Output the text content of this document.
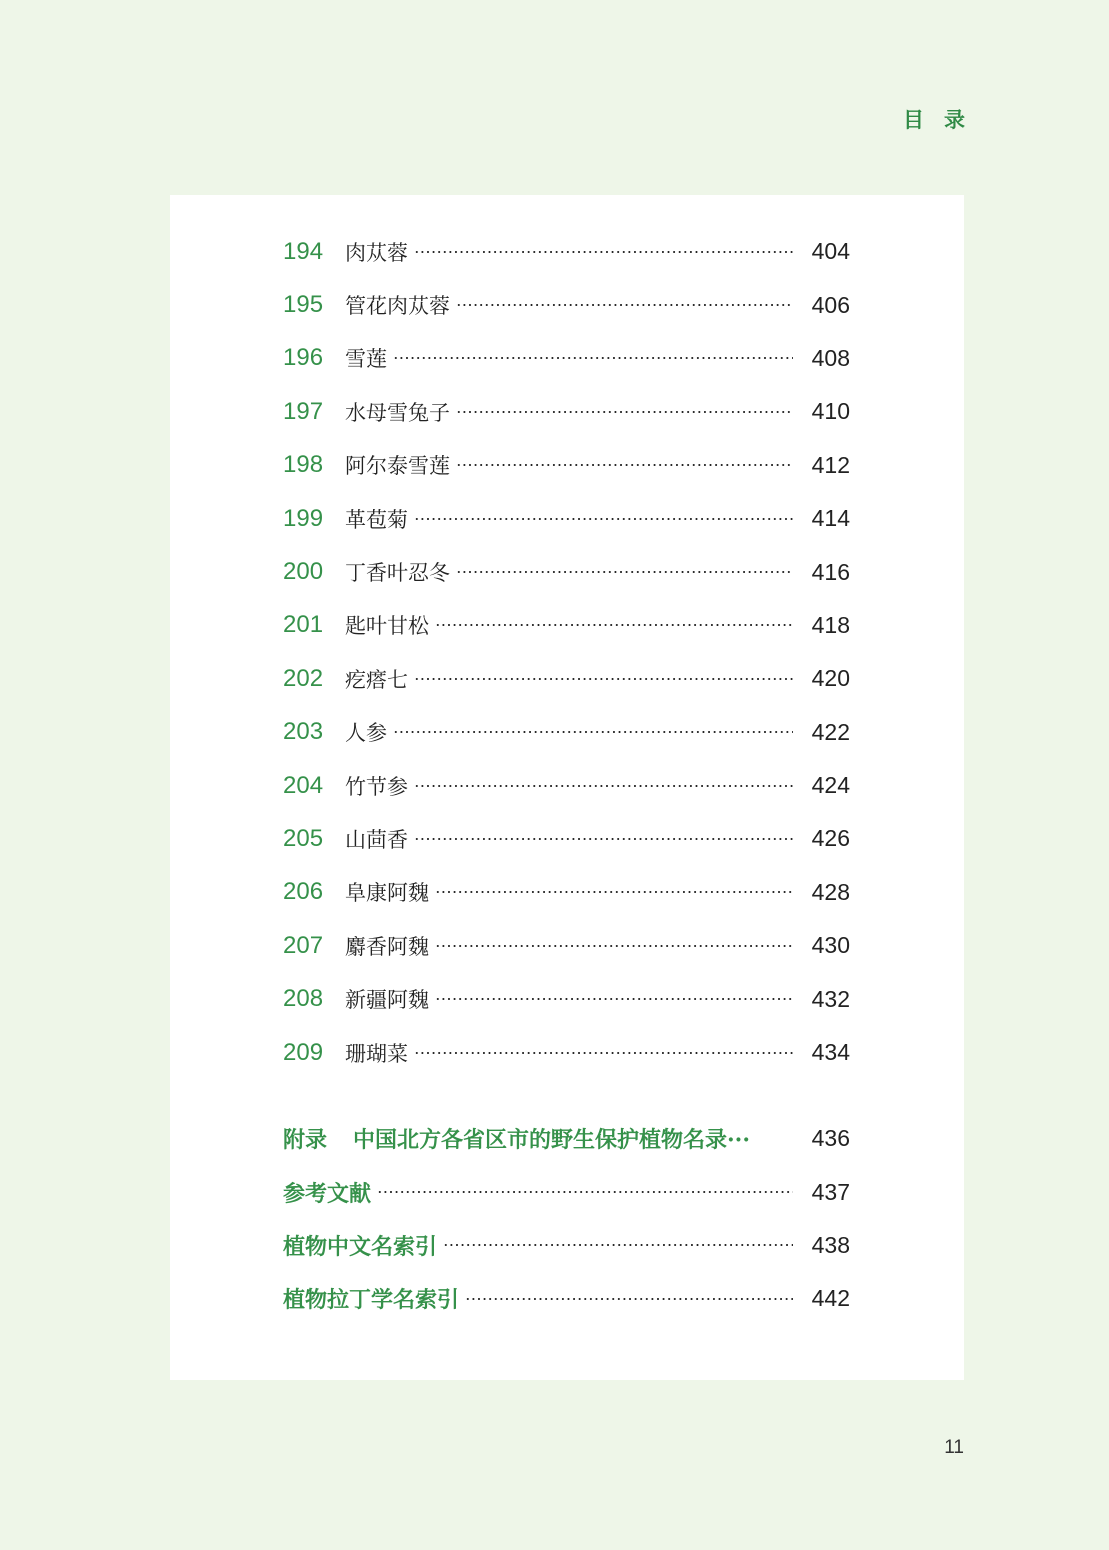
目 录
194	肉苁蓉	404
195	管花肉苁蓉	406
196	雪莲	408
197	水母雪兔子	410
198	阿尔泰雪莲	412
199	革苞菊	414
200	丁香叶忍冬	416
201	匙叶甘松	418
202	疙瘩七	420
203	人参	422
204	竹节参	424
205	山茴香	426
206	阜康阿魏	428
207	麝香阿魏	430
208	新疆阿魏	432
209	珊瑚菜	434
附录 中国北方各省区市的野生保护植物名录···	436
参考文献	437
植物中文名索引	438
植物拉丁学名索引	442
11
